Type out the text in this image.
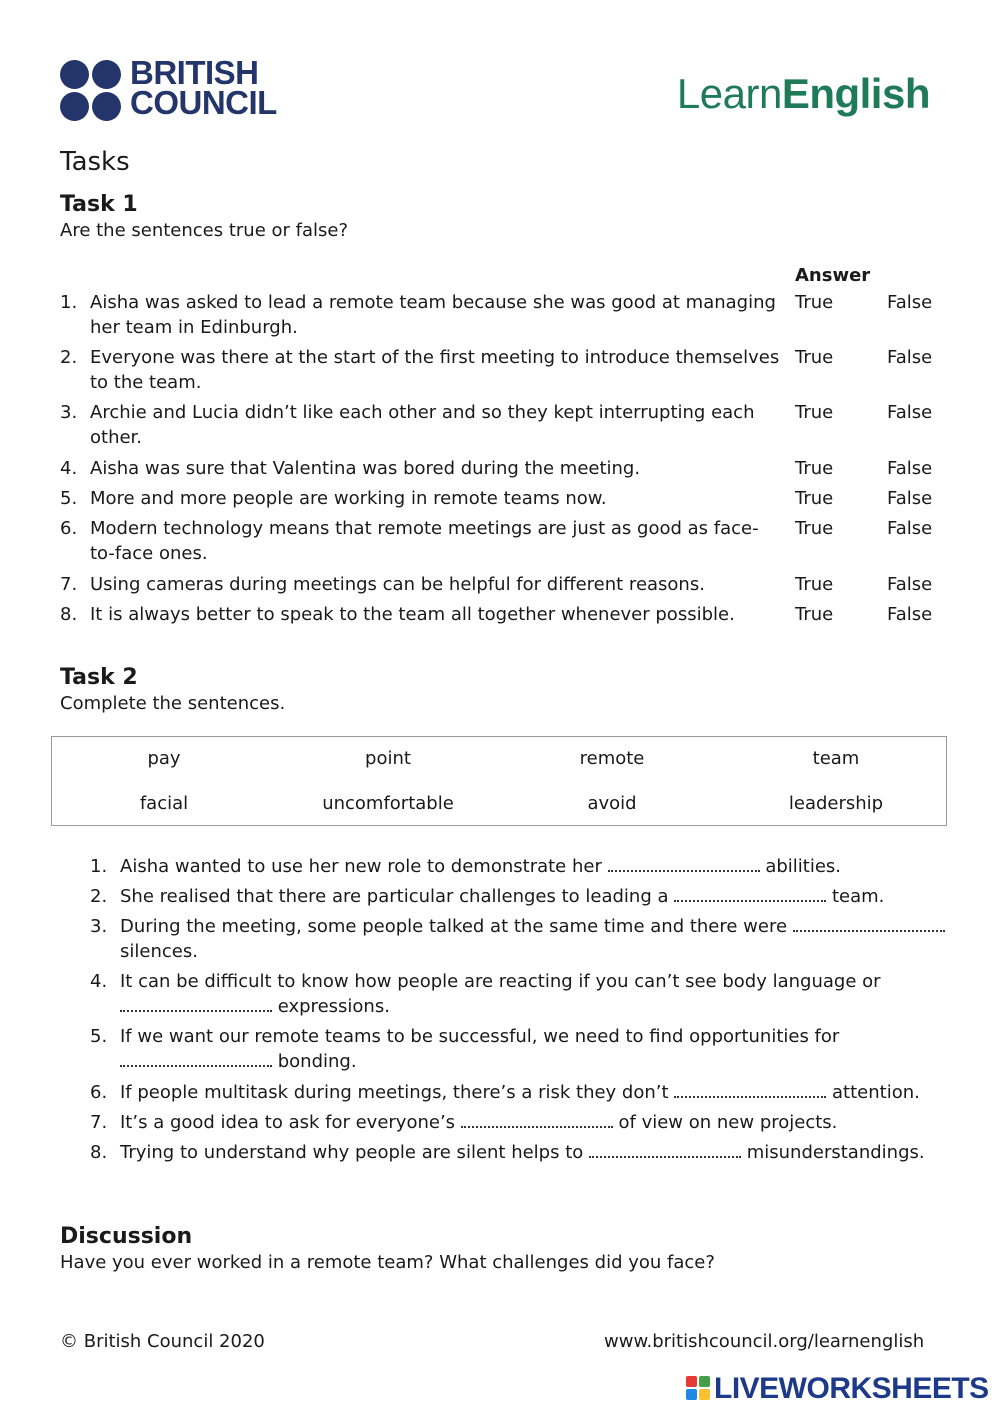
BRITISH
COUNCIL	LearnEnglish
Tasks
Task 1
Are the sentences true or false?
Answer
1. Aisha was asked to lead a remote team because she was good at managing her team in Edinburgh.
True	False
2. Everyone was there at the start of the first meeting to introduce themselves to the team.
True	False
3. Archie and Lucia didn’t like each other and so they kept interrupting each other.
True	False
4. Aisha was sure that Valentina was bored during the meeting.	True	False
5. More and more people are working in remote teams now.	True	False
6. Modern technology means that remote meetings are just as good as face-to-face ones.
True	False
7. Using cameras during meetings can be helpful for different reasons.	True	False
8. It is always better to speak to the team all together whenever possible.	True	False
Task 2
Complete the sentences.
pay	point	remote	team
facial	uncomfortable	avoid	leadership
1. Aisha wanted to use her new role to demonstrate her	abilities.
2. She realised that there are particular challenges to leading a	team.
3. During the meeting, some people talked at the same time and there were  silences.
4. It can be difficult to know how people are reacting if you can’t see body language or  expressions.
5. If we want our remote teams to be successful, we need to find opportunities for  bonding.
6. If people multitask during meetings, there’s a risk they don’t	attention.
7. It’s a good idea to ask for everyone’s	of view on new projects.
8. Trying to understand why people are silent helps to	misunderstandings.
Discussion
Have you ever worked in a remote team? What challenges did you face?
© British Council 2020	www.britishcouncil.org/learnenglish
LIVEWORKSHEETS
